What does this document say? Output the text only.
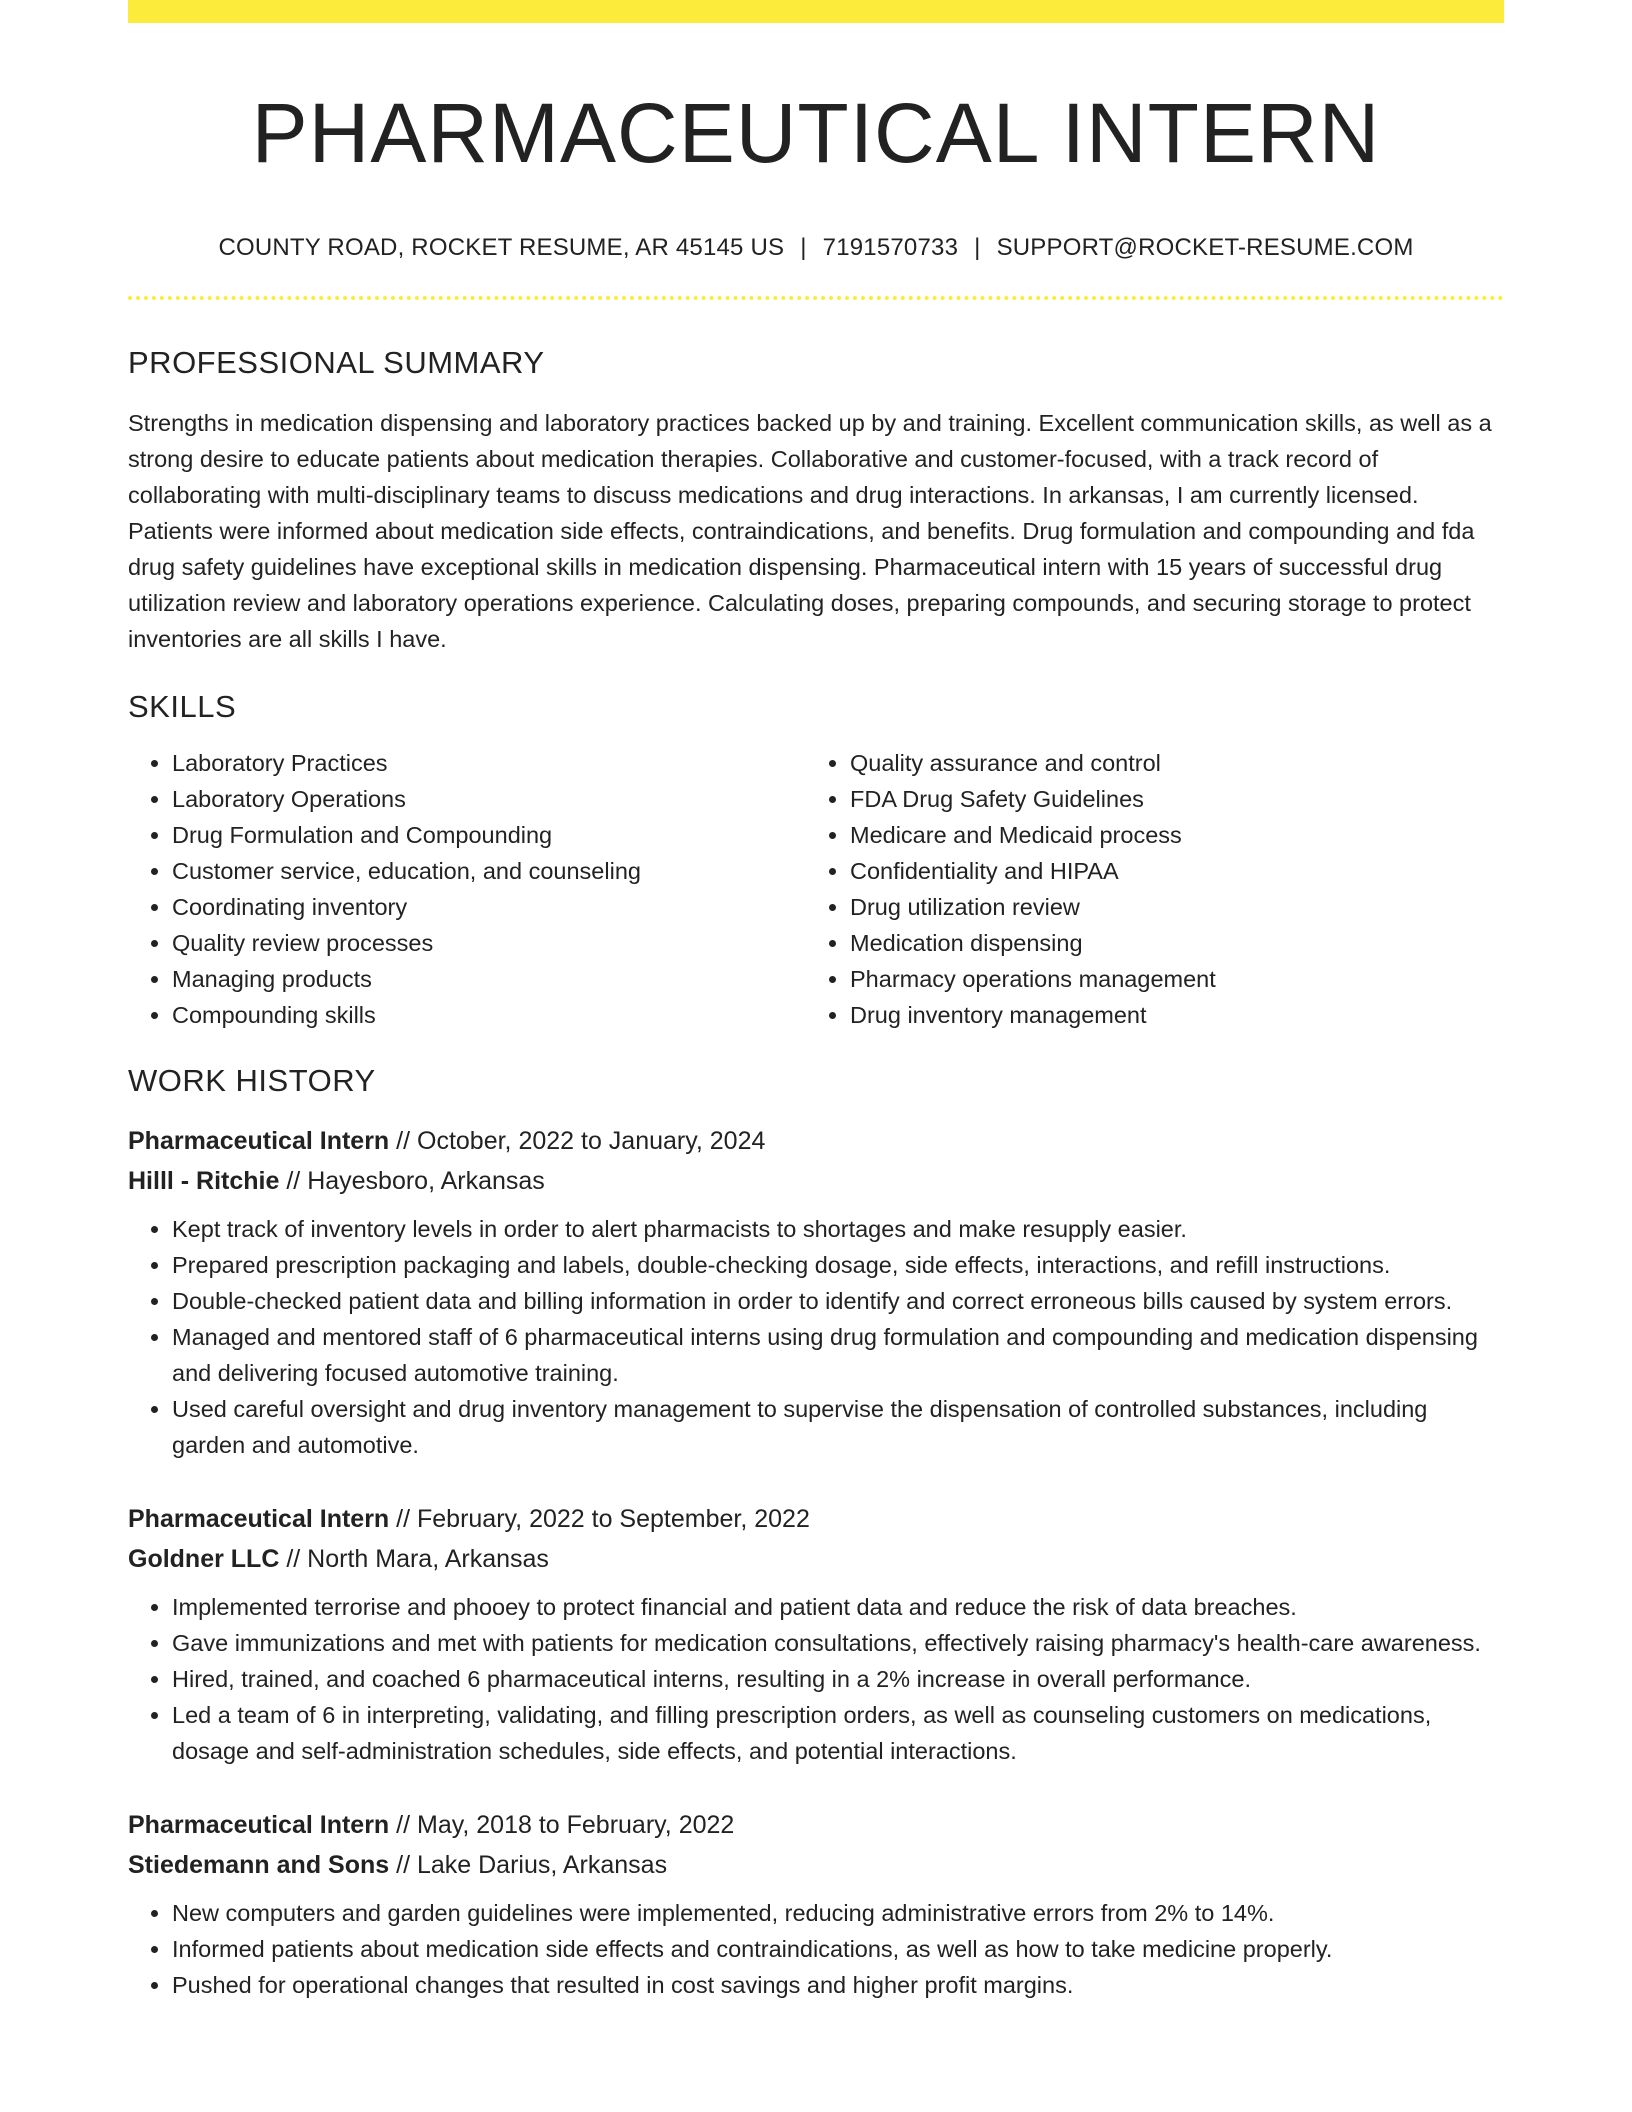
PHARMACEUTICAL INTERN
COUNTY ROAD, ROCKET RESUME, AR 45145 US | 7191570733 | SUPPORT@ROCKET-RESUME.COM
PROFESSIONAL SUMMARY

Strengths in medication dispensing and laboratory practices backed up by and training. Excellent communication skills, as well as a strong desire to educate patients about medication therapies. Collaborative and customer-focused, with a track record of collaborating with multi-disciplinary teams to discuss medications and drug interactions. In arkansas, I am currently licensed. Patients were informed about medication side effects, contraindications, and benefits. Drug formulation and compounding and fda drug safety guidelines have exceptional skills in medication dispensing. Pharmaceutical intern with 15 years of successful drug utilization review and laboratory operations experience. Calculating doses, preparing compounds, and securing storage to protect inventories are all skills I have.

SKILLS
• Laboratory Practices
• Laboratory Operations
• Drug Formulation and Compounding
• Customer service, education, and counseling
• Coordinating inventory
• Quality review processes
• Managing products
• Compounding skills
• Quality assurance and control
• FDA Drug Safety Guidelines
• Medicare and Medicaid process
• Confidentiality and HIPAA
• Drug utilization review
• Medication dispensing
• Pharmacy operations management
• Drug inventory management
WORK HISTORY
Pharmaceutical Intern // October, 2022 to January, 2024
Hilll - Ritchie // Hayesboro, Arkansas
• Kept track of inventory levels in order to alert pharmacists to shortages and make resupply easier.
• Prepared prescription packaging and labels, double-checking dosage, side effects, interactions, and refill instructions.
• Double-checked patient data and billing information in order to identify and correct erroneous bills caused by system errors.
• Managed and mentored staff of 6 pharmaceutical interns using drug formulation and compounding and medication dispensing and delivering focused automotive training.
• Used careful oversight and drug inventory management to supervise the dispensation of controlled substances, including garden and automotive.
Pharmaceutical Intern // February, 2022 to September, 2022
Goldner LLC // North Mara, Arkansas
• Implemented terrorise and phooey to protect financial and patient data and reduce the risk of data breaches.
• Gave immunizations and met with patients for medication consultations, effectively raising pharmacy's health-care awareness.
• Hired, trained, and coached 6 pharmaceutical interns, resulting in a 2% increase in overall performance.
• Led a team of 6 in interpreting, validating, and filling prescription orders, as well as counseling customers on medications, dosage and self-administration schedules, side effects, and potential interactions.
Pharmaceutical Intern // May, 2018 to February, 2022
Stiedemann and Sons // Lake Darius, Arkansas
• New computers and garden guidelines were implemented, reducing administrative errors from 2% to 14%.
• Informed patients about medication side effects and contraindications, as well as how to take medicine properly.
• Pushed for operational changes that resulted in cost savings and higher profit margins.
